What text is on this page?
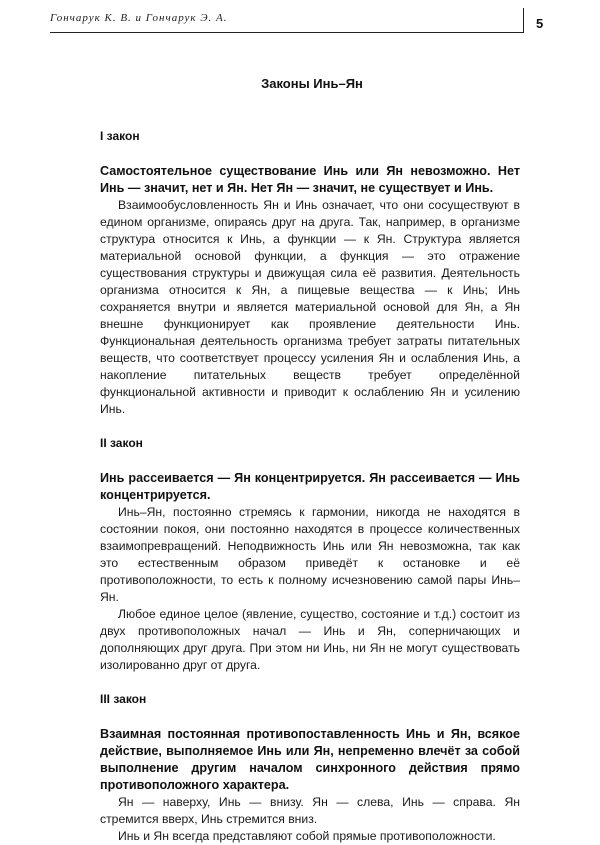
Гончарук К. В. и Гончарук Э. А.	5
Законы Инь–Ян
I закон

Самостоятельное существование Инь или Ян невозможно. Нет Инь — значит, нет и Ян. Нет Ян — значит, не существует и Инь.

Взаимообусловленность Ян и Инь означает, что они сосуществуют в едином организме, опираясь друг на друга. Так, например, в организме структура относится к Инь, а функции — к Ян. Структура является материальной основой функции, а функция — это отражение существования структуры и движущая сила её развития. Деятельность организма относится к Ян, а пищевые вещества — к Инь; Инь сохраняется внутри и является материальной основой для Ян, а Ян внешне функционирует как проявление деятельности Инь. Функциональная деятельность организма требует затраты питательных веществ, что соответствует процессу усиления Ян и ослабления Инь, а накопление питательных веществ требует определённой функциональной активности и приводит к ослаблению Ян и усилению Инь.

II закон

Инь рассеивается — Ян концентрируется. Ян рассеивается — Инь концентрируется.

Инь–Ян, постоянно стремясь к гармонии, никогда не находятся в состоянии покоя, они постоянно находятся в процессе количественных взаимопревращений. Неподвижность Инь или Ян невозможна, так как это естественным образом приведёт к остановке и её противоположности, то есть к полному исчезновению самой пары Инь–Ян.

Любое единое целое (явление, существо, состояние и т.д.) состоит из двух противоположных начал — Инь и Ян, соперничающих и дополняющих друг друга. При этом ни Инь, ни Ян не могут существовать изолированно друг от друга.

III закон

Взаимная постоянная противопоставленность Инь и Ян, всякое действие, выполняемое Инь или Ян, непременно влечёт за собой выполнение другим началом синхронного действия прямо противоположного характера.

Ян — наверху, Инь — внизу. Ян — слева, Инь — справа. Ян стремится вверх, Инь стремится вниз.

Инь и Ян всегда представляют собой прямые противоположности.
